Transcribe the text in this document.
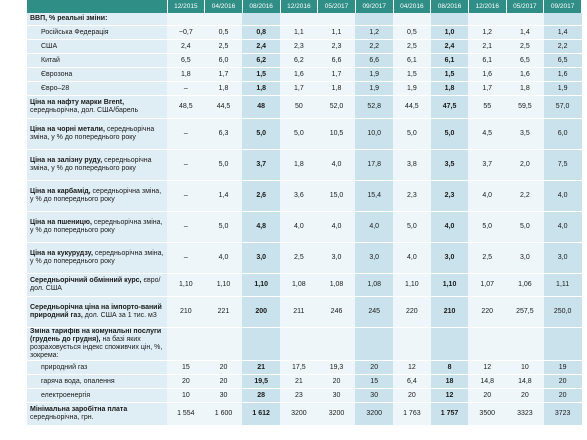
	12/2015	04/2016	08/2016	12/2016	05/2017	09/2017	04/2016	08/2016	12/2016	05/2017	09/2017
ВВП, % реальні зміни:											
Російська Федерація	−0,7	0,5	0,8	1,1	1,1	1,2	0,5	1,0	1,2	1,4	1,4
США	2,4	2,5	2,4	2,3	2,3	2,2	2,5	2,4	2,1	2,5	2,2
Китай	6,5	6,0	6,2	6,2	6,6	6,6	6,1	6,1	6,1	6,5	6,5
Єврозона	1,8	1,7	1,5	1,6	1,7	1,9	1,5	1,5	1,6	1,6	1,6
Євро–28	–	1,8	1,8	1,7	1,8	1,9	1,9	1,8	1,7	1,8	1,9
Ціна на нафту марки Brent, середньорічна, дол. США/барель	48,5	44,5	48	50	52,0	52,8	44,5	47,5	55	59,5	57,0
Ціна на чорні метали, середньорічна зміна, у % до попереднього року	–	6,3	5,0	5,0	10,5	10,0	5,0	5,0	4,5	3,5	6,0
Ціна на залізну руду, середньорічна зміна, у % до попереднього року	–	5,0	3,7	1,8	4,0	17,8	3,8	3,5	3,7	2,0	7,5
Ціна на карбамід, середньорічна зміна, у % до попереднього року	–	1,4	2,6	3,6	15,0	15,4	2,3	2,3	4,0	2,2	4,0
Ціна на пшеницю, середньорічна зміна, у % до попереднього року	–	5,0	4,8	4,0	4,0	4,0	5,0	4,0	5,0	5,0	4,0
Ціна на кукурудзу, середньорічна зміна, у % до попереднього року	–	4,0	3,0	2,5	3,0	3,0	4,0	3,0	2,5	3,0	3,0
Середньорічний обмінний курс, євро/дол. США	1,10	1,10	1,10	1,08	1,08	1,08	1,10	1,10	1,07	1,06	1,11
Середньорічна ціна на імпорто-ваний природний газ, дол. США за 1 тис. м3	210	221	200	211	246	245	220	210	220	257,5	250,0
Зміна тарифів на комунальні послуги (грудень до грудня), на базі яких розраховується індекс споживчих цін, %, зокрема:											
природний газ	15	20	21	17,5	19,3	20	12	8	12	10	19
гаряча вода, опалення	20	20	19,5	21	20	15	6,4	18	14,8	14,8	20
електроенергія	10	30	28	23	30	30	20	12	20	20	20
Мінімальна заробітна плата середньорічна, грн.	1 554	1 600	1 612	3200	3200	3200	1 763	1 757	3500	3323	3723
